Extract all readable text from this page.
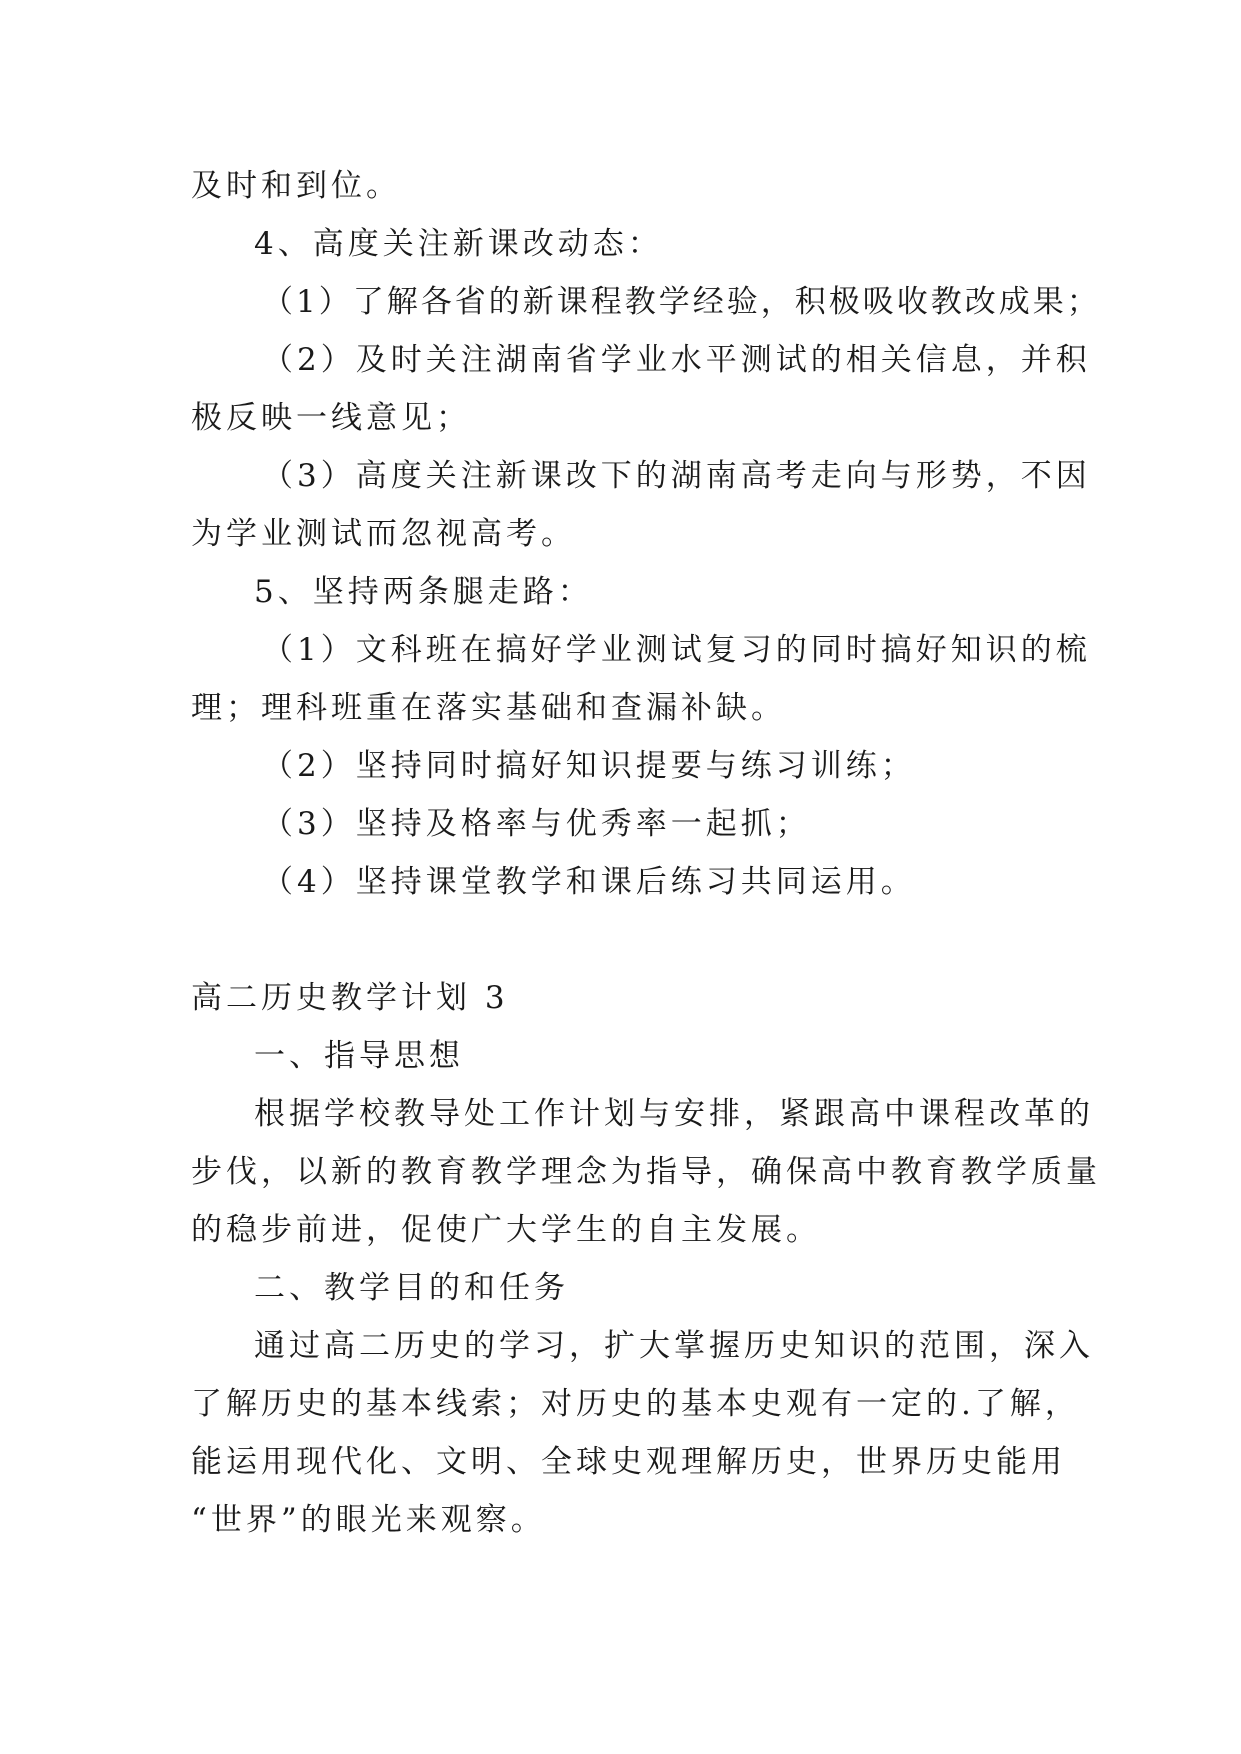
及时和到位。

4、高度关注新课改动态：

（1）了解各省的新课程教学经验，积极吸收教改成果；

（2）及时关注湖南省学业水平测试的相关信息，并积

极反映一线意见；

（3）高度关注新课改下的湖南高考走向与形势，不因

为学业测试而忽视高考。

5、坚持两条腿走路：

（1）文科班在搞好学业测试复习的同时搞好知识的梳

理；理科班重在落实基础和查漏补缺。

（2）坚持同时搞好知识提要与练习训练；

（3）坚持及格率与优秀率一起抓；

（4）坚持课堂教学和课后练习共同运用。

高二历史教学计划 3

一、指导思想

根据学校教导处工作计划与安排，紧跟高中课程改革的

步伐，以新的教育教学理念为指导，确保高中教育教学质量

的稳步前进，促使广大学生的自主发展。

二、教学目的和任务

通过高二历史的学习，扩大掌握历史知识的范围，深入

了解历史的基本线索；对历史的基本史观有一定的.了解，

能运用现代化、文明、全球史观理解历史，世界历史能用

“世界”的眼光来观察。
